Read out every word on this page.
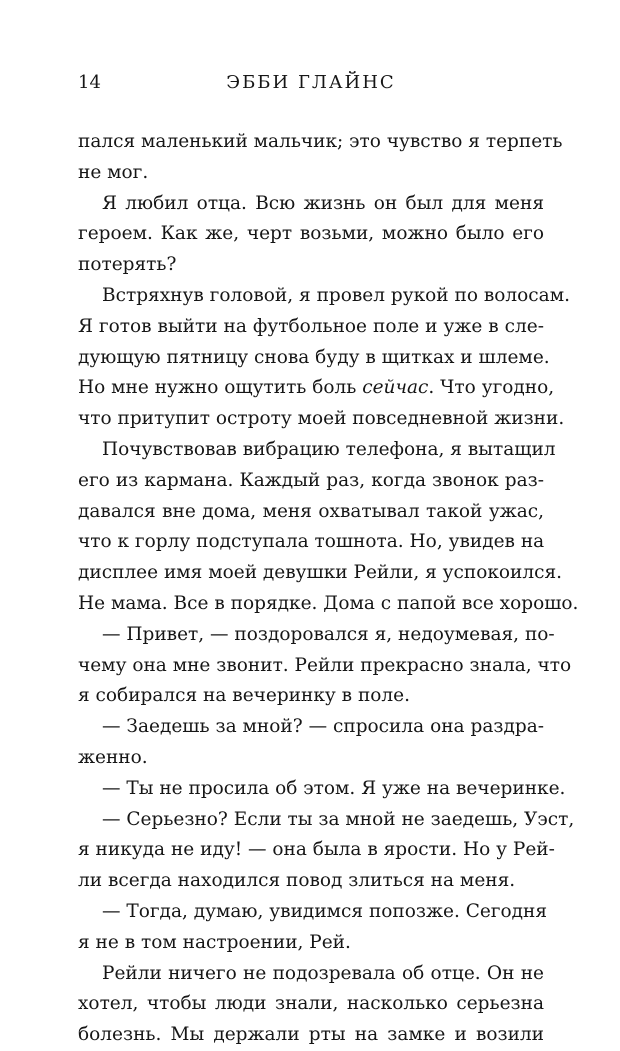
14	ЭББИ ГЛАЙНС
пался маленький мальчик; это чувство я терпеть
не мог.
Я любил отца. Всю жизнь он был для меня
героем. Как же, черт возьми, можно было его
потерять?
Встряхнув головой, я провел рукой по волосам.
Я готов выйти на футбольное поле и уже в сле-
дующую пятницу снова буду в щитках и шлеме.
Но мне нужно ощутить боль сейчас. Что угодно,
что притупит остроту моей повседневной жизни.
Почувствовав вибрацию телефона, я вытащил
его из кармана. Каждый раз, когда звонок раз-
давался вне дома, меня охватывал такой ужас,
что к горлу подступала тошнота. Но, увидев на
дисплее имя моей девушки Рейли, я успокоился.
Не мама. Все в порядке. Дома с папой все хорошо.
— Привет, — поздоровался я, недоумевая, по-
чему она мне звонит. Рейли прекрасно знала, что
я собирался на вечеринку в поле.
— Заедешь за мной? — спросила она раздра-
женно.
— Ты не просила об этом. Я уже на вечеринке.
— Серьезно? Если ты за мной не заедешь, Уэст,
я никуда не иду! — она была в ярости. Но у Рей-
ли всегда находился повод злиться на меня.
— Тогда, думаю, увидимся попозже. Сегодня
я не в том настроении, Рей.
Рейли ничего не подозревала об отце. Он не
хотел, чтобы люди знали, насколько серьезна
болезнь. Мы держали рты на замке и возили
